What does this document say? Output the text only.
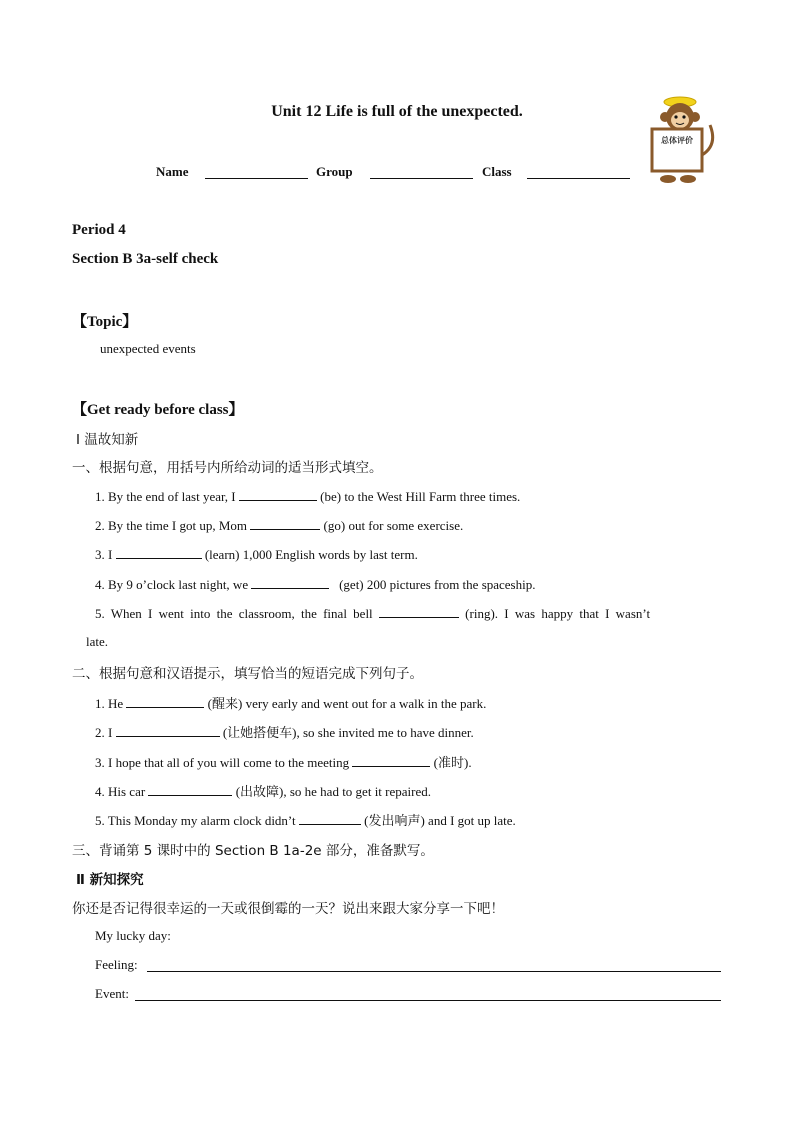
Unit 12 Life is full of the unexpected.
Name	Group	Class
总体评价
Period 4
Section B 3a-self check
【Topic】
unexpected events
【Get ready before class】
Ⅰ 温故知新
一、根据句意，用括号内所给动词的适当形式填空。
1. By the end of last year, I	(be) to the West Hill Farm three times.
2. By the time I got up, Mom	(go) out for some exercise.
3. I	(learn) 1,000 English words by last term.
4. By 9 o’clock last night, we	(get) 200 pictures from the spaceship.
5. When I went into the classroom, the final bell	(ring). I was happy that I wasn’t
late.
二、根据句意和汉语提示，填写恰当的短语完成下列句子。
1. He	(醒来) very early and went out for a walk in the park.
2. I	(让她搭便车), so she invited me to have dinner.
3. I hope that all of you will come to the meeting	(准时).
4. His car	(出故障), so he had to get it repaired.
5. This Monday my alarm clock didn’t	(发出响声) and I got up late.
三、背诵第 5 课时中的 Section B 1a-2e 部分，准备默写。
Ⅱ 新知探究
你还是否记得很幸运的一天或很倒霉的一天？说出来跟大家分享一下吧！
My lucky day:
Feeling:
Event:
